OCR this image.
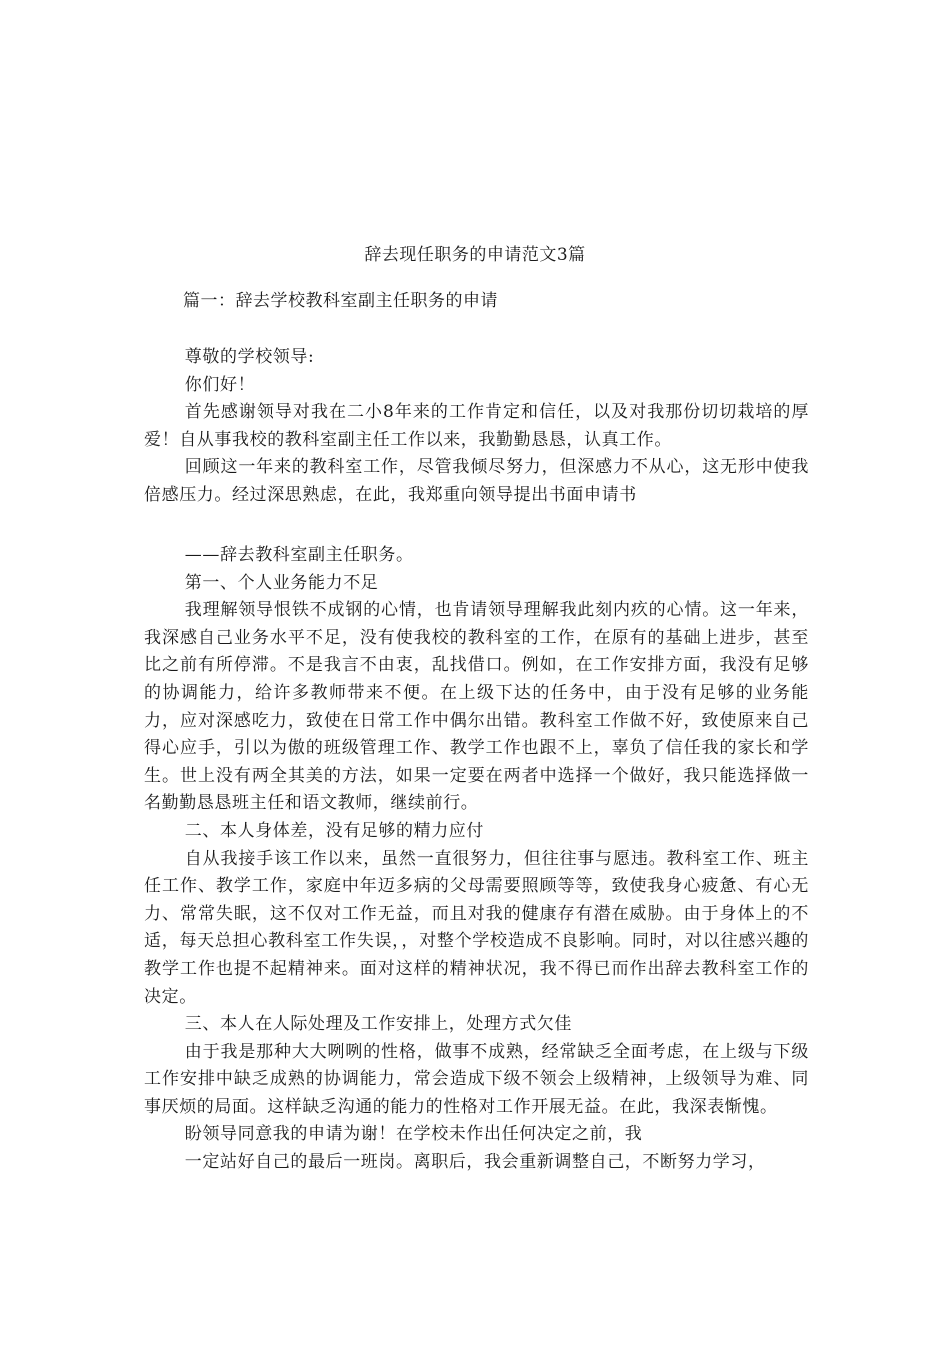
辞去现任职务的申请范文3篇
篇一：辞去学校教科室副主任职务的申请

尊敬的学校领导:

你们好！

首先感谢领导对我在二小8年来的工作肯定和信任，以及对我那份切切栽培的厚爱！自从事我校的教科室副主任工作以来，我勤勤恳恳，认真工作。

回顾这一年来的教科室工作，尽管我倾尽努力，但深感力不从心，这无形中使我倍感压力。经过深思熟虑，在此，我郑重向领导提出书面申请书

——辞去教科室副主任职务。

第一、个人业务能力不足

我理解领导恨铁不成钢的心情，也肯请领导理解我此刻内疚的心情。这一年来，我深感自己业务水平不足，没有使我校的教科室的工作，在原有的基础上进步，甚至比之前有所停滞。不是我言不由衷，乱找借口。例如，在工作安排方面，我没有足够的协调能力，给许多教师带来不便。在上级下达的任务中，由于没有足够的业务能力，应对深感吃力，致使在日常工作中偶尔出错。教科室工作做不好，致使原来自己得心应手，引以为傲的班级管理工作、教学工作也跟不上，辜负了信任我的家长和学生。世上没有两全其美的方法，如果一定要在两者中选择一个做好，我只能选择做一名勤勤恳恳班主任和语文教师，继续前行。

二、本人身体差，没有足够的精力应付

自从我接手该工作以来，虽然一直很努力，但往往事与愿违。教科室工作、班主任工作、教学工作，家庭中年迈多病的父母需要照顾等等，致使我身心疲惫、有心无力、常常失眠，这不仅对工作无益，而且对我的健康存有潜在威胁。由于身体上的不适，每天总担心教科室工作失误，，对整个学校造成不良影响。同时，对以往感兴趣的教学工作也提不起精神来。面对这样的精神状况，我不得已而作出辞去教科室工作的决定。

三、本人在人际处理及工作安排上，处理方式欠佳

由于我是那种大大咧咧的性格，做事不成熟，经常缺乏全面考虑，在上级与下级工作安排中缺乏成熟的协调能力，常会造成下级不领会上级精神，上级领导为难、同事厌烦的局面。这样缺乏沟通的能力的性格对工作开展无益。在此，我深表惭愧。

盼领导同意我的申请为谢！在学校未作出任何决定之前，我

一定站好自己的最后一班岗。离职后，我会重新调整自己，不断努力学习，
